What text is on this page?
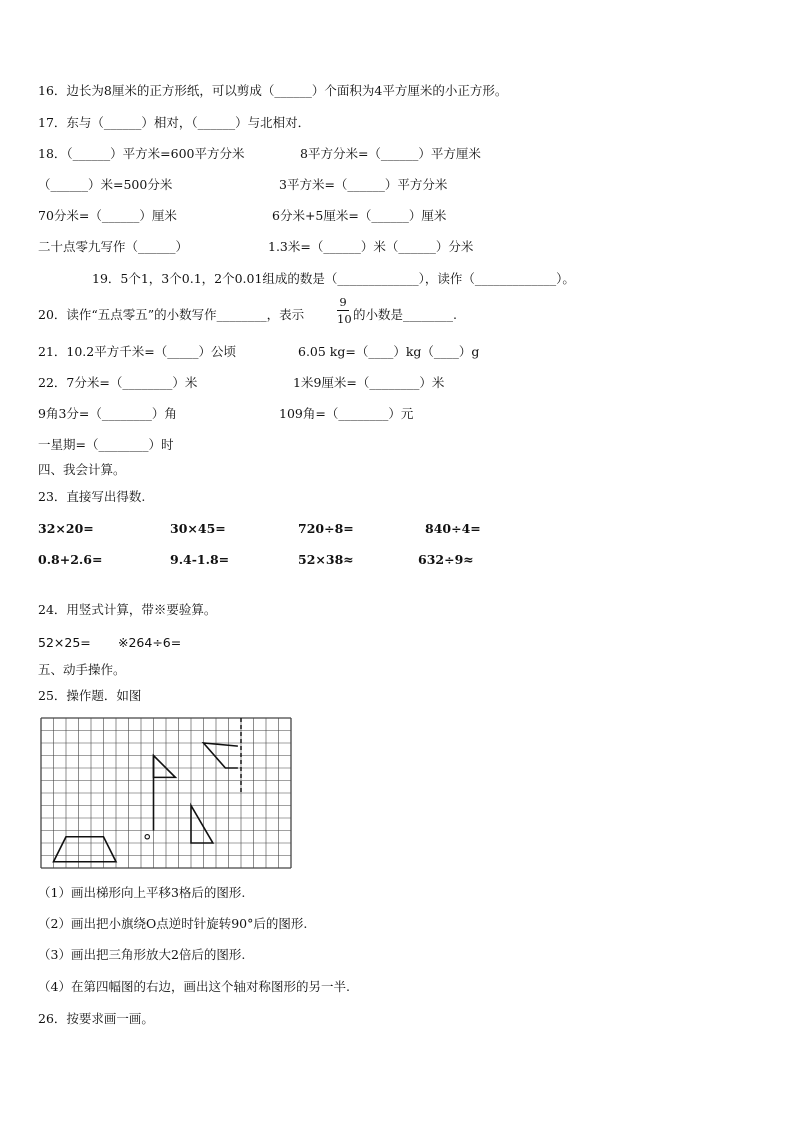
16．边长为8厘米的正方形纸，可以剪成（______）个面积为4平方厘米的小正方形。
17．东与（______）相对，（______）与北相对．
18．（______）平方米=600平方分米	8平方分米=（______）平方厘米
（______）米=500分米	3平方米=（______）平方分米
70分米=（______）厘米	6分米+5厘米=（______）厘米
二十点零九写作（______）	1.3米=（______）米（______）分米
19．5个1，3个0.1，2个0.01组成的数是（_____________），读作（_____________）。
20．读作“五点零五”的小数写作________，表示
9
10 的小数是________.
21．10.2平方千米=（_____）公顷	6.05 kg=（____）kg（____）g
22．7分米=（________）米	1米9厘米=（________）米
9角3分=（________）角	109角=（________）元
一星期=（________）时
四、我会计算。
23．直接写出得数.
32×20=	30×45=	720÷8=	840÷4=
0.8+2.6=	9.4-1.8=	52×38≈	632÷9≈
24．用竖式计算，带※要验算。
52×25= ※264÷6=
五、动手操作。
25．操作题．如图
（1）画出梯形向上平移3格后的图形.
（2）画出把小旗绕O点逆时针旋转90°后的图形.
（3）画出把三角形放大2倍后的图形.
（4）在第四幅图的右边，画出这个轴对称图形的另一半.
26．按要求画一画。
